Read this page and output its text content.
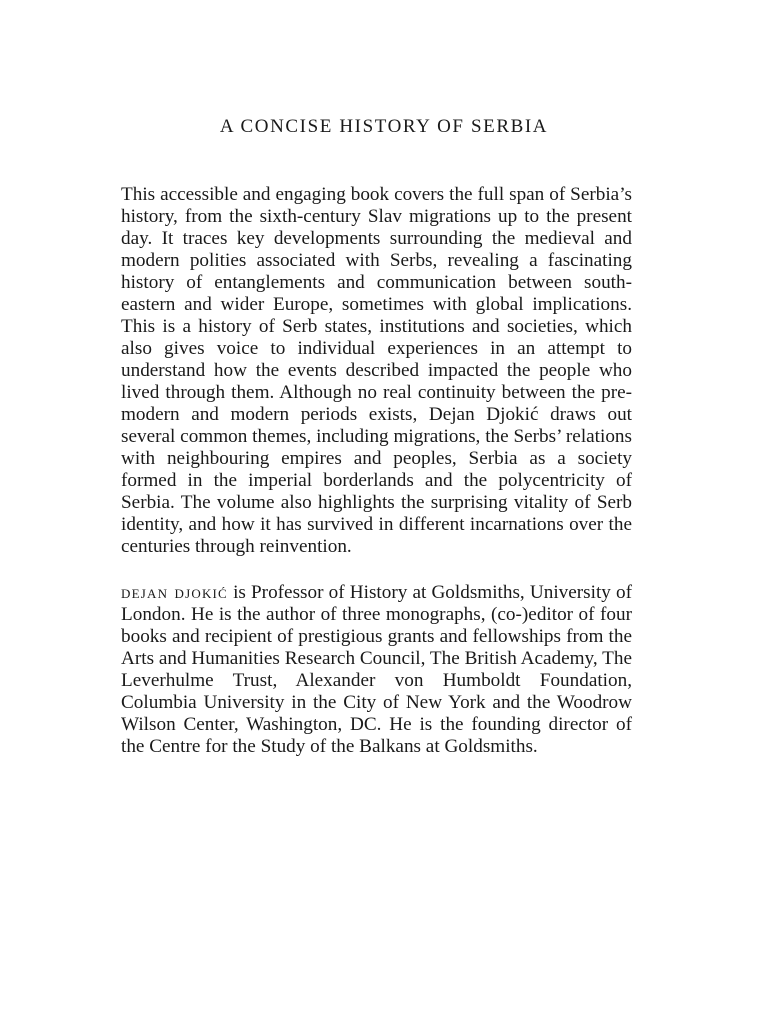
A CONCISE HISTORY OF SERBIA

This accessible and engaging book covers the full span of Serbia’s history, from the sixth-century Slav migrations up to the present day. It traces key developments surrounding the medieval and modern polities associated with Serbs, revealing a fascinating history of entanglements and communication between south-eastern and wider Europe, sometimes with global implications. This is a history of Serb states, institutions and societies, which also gives voice to individual experiences in an attempt to understand how the events described impacted the people who lived through them. Although no real continuity between the pre-modern and modern periods exists, Dejan Djokić draws out several common themes, including migrations, the Serbs’ relations with neighbouring empires and peoples, Serbia as a society formed in the imperial borderlands and the polycentricity of Serbia. The volume also highlights the surprising vitality of Serb identity, and how it has survived in different incarnations over the centuries through reinvention.

dejan djokić is Professor of History at Goldsmiths, University of London. He is the author of three monographs, (co-)editor of four books and recipient of prestigious grants and fellowships from the Arts and Humanities Research Council, The British Academy, The Leverhulme Trust, Alexander von Humboldt Foundation, Columbia University in the City of New York and the Woodrow Wilson Center, Washington, DC. He is the founding director of the Centre for the Study of the Balkans at Goldsmiths.
